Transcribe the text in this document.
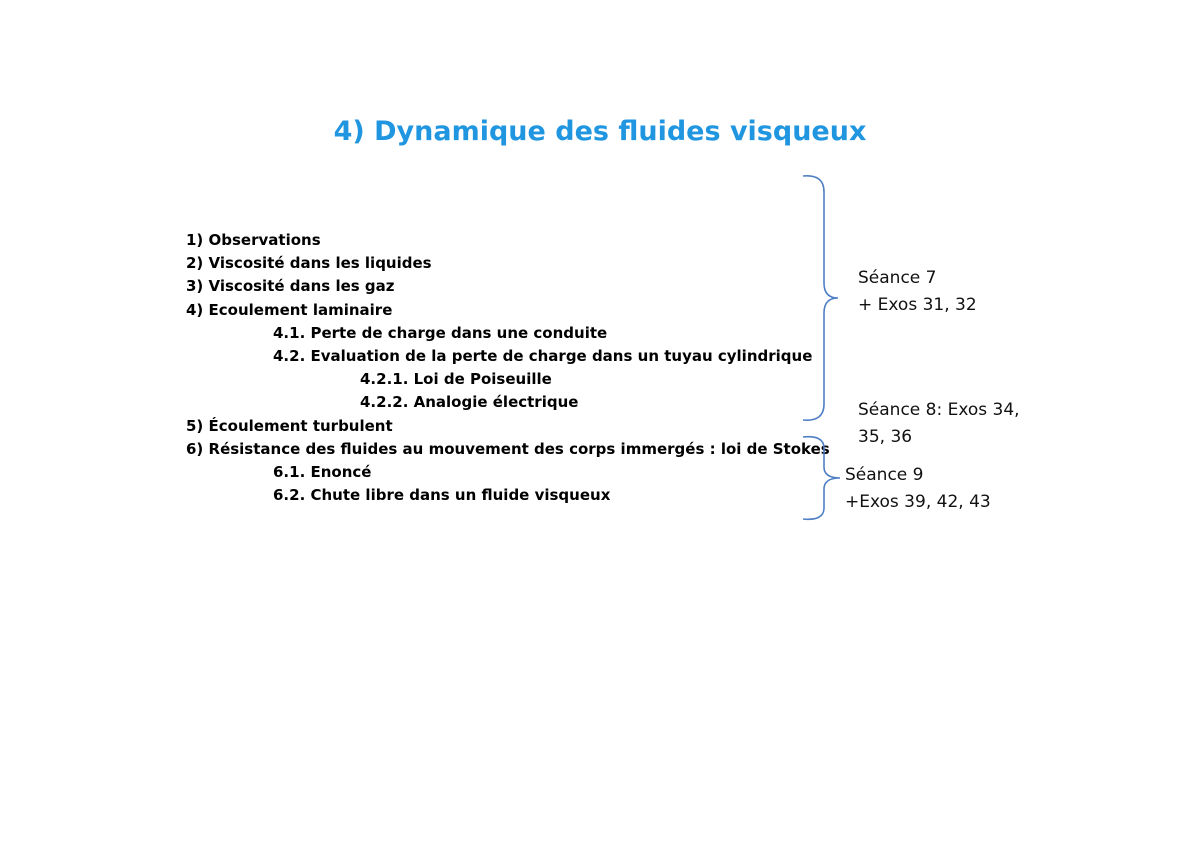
4) Dynamique des fluides visqueux
1) Observations
2) Viscosité dans les liquides
3) Viscosité dans les gaz
4) Ecoulement laminaire
4.1. Perte de charge dans une conduite
4.2. Evaluation de la perte de charge dans un tuyau cylindrique
4.2.1. Loi de Poiseuille
4.2.2. Analogie électrique
5) Écoulement turbulent
6) Résistance des fluides au mouvement des corps immergés : loi de Stokes
6.1. Enoncé
6.2. Chute libre dans un fluide visqueux
Séance 7
+ Exos 31, 32
Séance 8: Exos 34,
35, 36
Séance 9
+Exos 39, 42, 43
